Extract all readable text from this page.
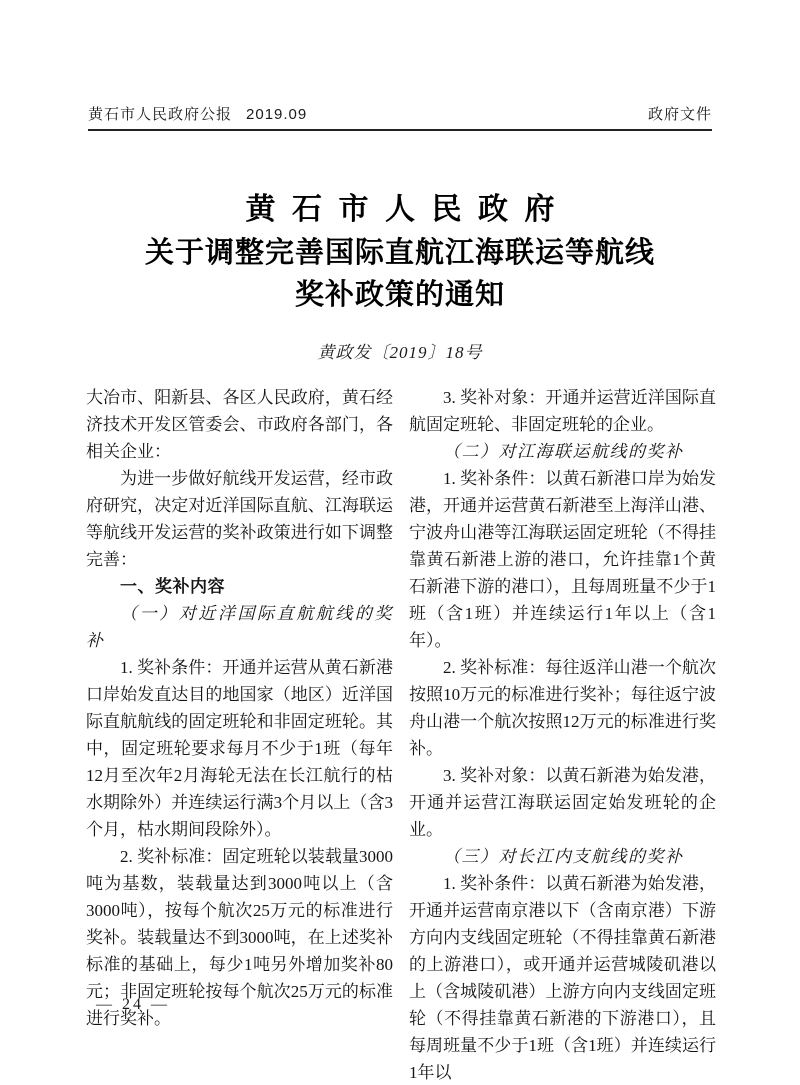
黄石市人民政府公报 2019.09	政府文件
黄石市人民政府
关于调整完善国际直航江海联运等航线
奖补政策的通知
黄政发〔2019〕18号

大冶市、阳新县、各区人民政府，黄石经济技术开发区管委会、市政府各部门，各相关企业：

为进一步做好航线开发运营，经市政府研究，决定对近洋国际直航、江海联运等航线开发运营的奖补政策进行如下调整完善：

一、奖补内容

（一）对近洋国际直航航线的奖补

1. 奖补条件：开通并运营从黄石新港口岸始发直达目的地国家（地区）近洋国际直航航线的固定班轮和非固定班轮。其中，固定班轮要求每月不少于1班（每年12月至次年2月海轮无法在长江航行的枯水期除外）并连续运行满3个月以上（含3个月，枯水期间段除外）。

2. 奖补标准：固定班轮以装载量3000吨为基数，装载量达到3000吨以上（含3000吨），按每个航次25万元的标准进行奖补。装载量达不到3000吨，在上述奖补标准的基础上，每少1吨另外增加奖补80元；非固定班轮按每个航次25万元的标准进行奖补。

3. 奖补对象：开通并运营近洋国际直航固定班轮、非固定班轮的企业。

（二）对江海联运航线的奖补

1. 奖补条件：以黄石新港口岸为始发港，开通并运营黄石新港至上海洋山港、宁波舟山港等江海联运固定班轮（不得挂靠黄石新港上游的港口，允许挂靠1个黄石新港下游的港口），且每周班量不少于1班（含1班）并连续运行1年以上（含1年）。

2. 奖补标准：每往返洋山港一个航次按照10万元的标准进行奖补；每往返宁波舟山港一个航次按照12万元的标准进行奖补。

3. 奖补对象：以黄石新港为始发港，开通并运营江海联运固定始发班轮的企业。

（三）对长江内支航线的奖补

1. 奖补条件：以黄石新港为始发港，开通并运营南京港以下（含南京港）下游方向内支线固定班轮（不得挂靠黄石新港的上游港口），或开通并运营城陵矶港以上（含城陵矶港）上游方向内支线固定班轮（不得挂靠黄石新港的下游港口），且每周班量不少于1班（含1班）并连续运行1年以

— 24 —
